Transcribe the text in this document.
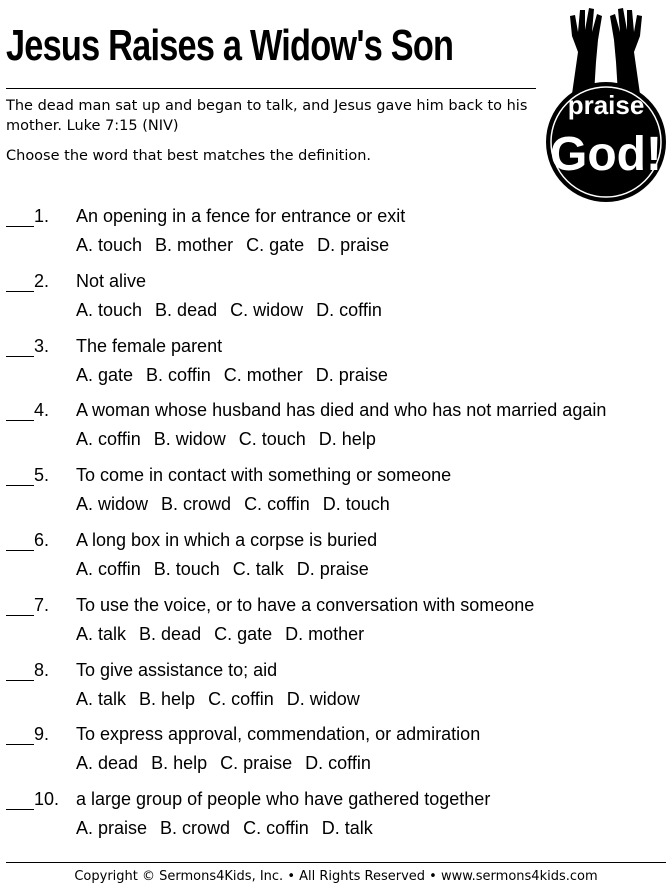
Jesus Raises a Widow's Son
The dead man sat up and began to talk, and Jesus gave him back to his mother. Luke 7:15 (NIV)
Choose the word that best matches the definition.
praise
God!
1. An opening in a fence for entrance or exit
A. touch B. mother C. gate D. praise
2. Not alive
A. touch B. dead C. widow D. coffin
3. The female parent
A. gate B. coffin C. mother D. praise
4. A woman whose husband has died and who has not married again
A. coffin B. widow C. touch D. help
5. To come in contact with something or someone
A. widow B. crowd C. coffin D. touch
6. A long box in which a corpse is buried
A. coffin B. touch C. talk D. praise
7. To use the voice, or to have a conversation with someone
A. talk B. dead C. gate D. mother
8. To give assistance to; aid
A. talk B. help C. coffin D. widow
9. To express approval, commendation, or admiration
A. dead B. help C. praise D. coffin
10. a large group of people who have gathered together
A. praise B. crowd C. coffin D. talk
Copyright © Sermons4Kids, Inc. • All Rights Reserved • www.sermons4kids.com
